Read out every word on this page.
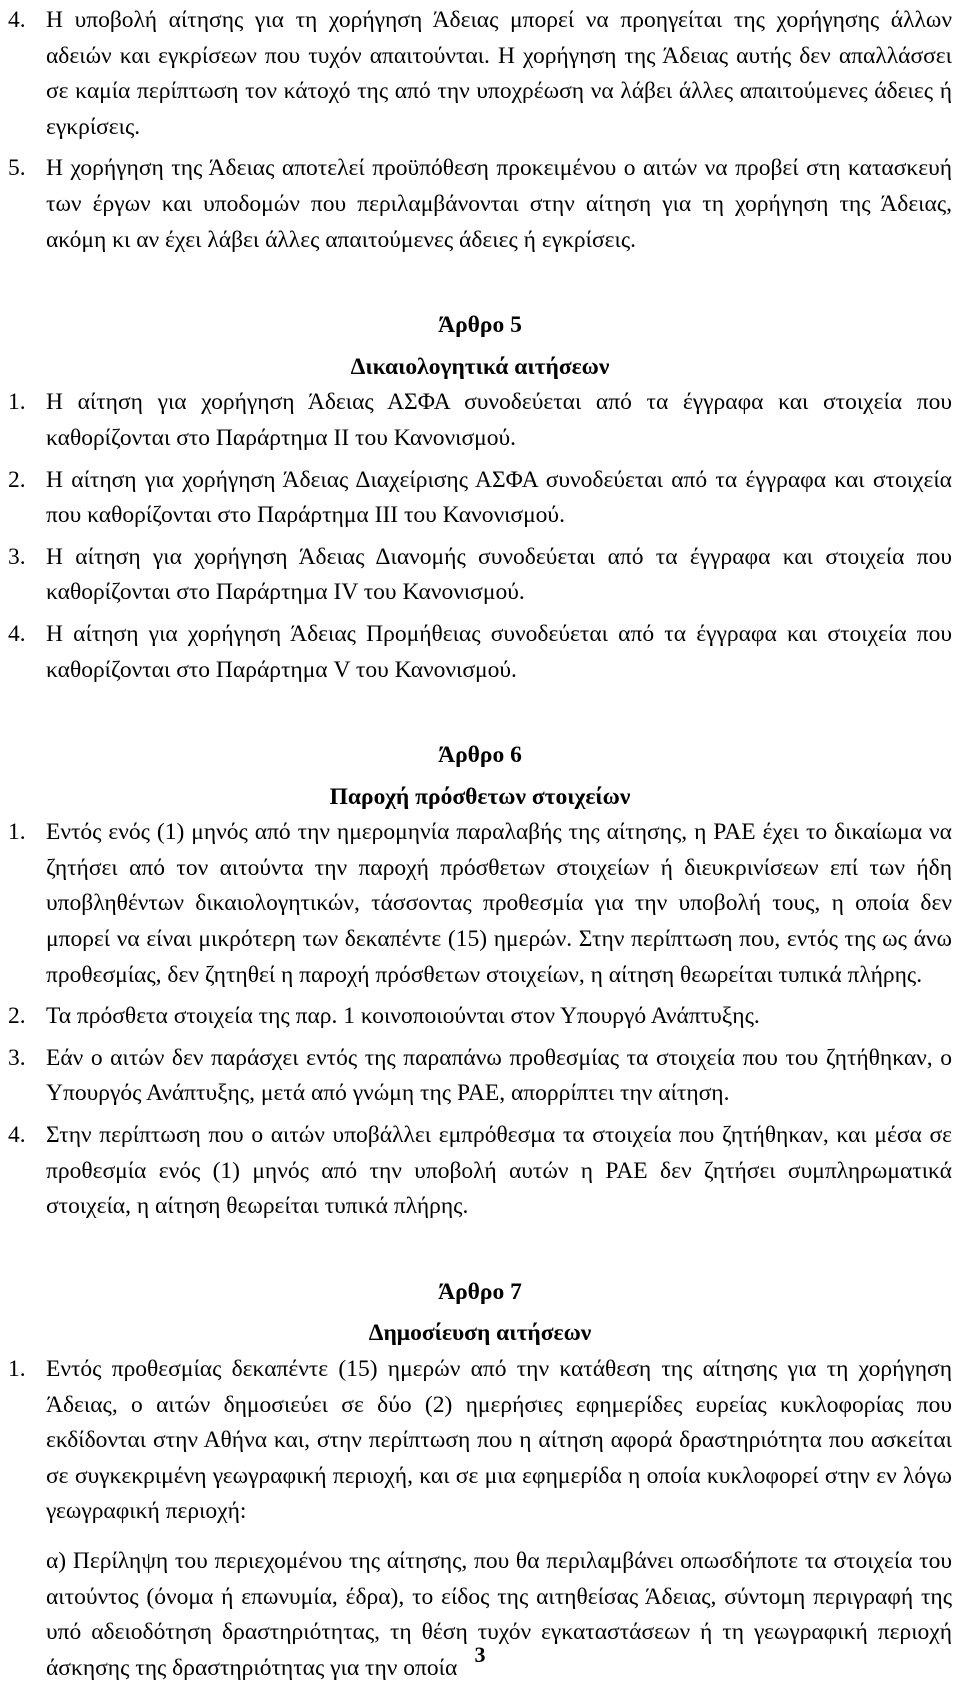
4. Η υποβολή αίτησης για τη χορήγηση Άδειας μπορεί να προηγείται της χορήγησης άλλων αδειών και εγκρίσεων που τυχόν απαιτούνται. Η χορήγηση της Άδειας αυτής δεν απαλλάσσει σε καμία περίπτωση τον κάτοχό της από την υποχρέωση να λάβει άλλες απαιτούμενες άδειες ή εγκρίσεις.

5. Η χορήγηση της Άδειας αποτελεί προϋπόθεση προκειμένου ο αιτών να προβεί στη κατασκευή των έργων και υποδομών που περιλαμβάνονται στην αίτηση για τη χορήγηση της Άδειας, ακόμη κι αν έχει λάβει άλλες απαιτούμενες άδειες ή εγκρίσεις.

Άρθρο 5
Δικαιολογητικά αιτήσεων

1. Η αίτηση για χορήγηση Άδειας ΑΣΦΑ συνοδεύεται από τα έγγραφα και στοιχεία που καθορίζονται στο Παράρτημα ΙΙ του Κανονισμού.

2. Η αίτηση για χορήγηση Άδειας Διαχείρισης ΑΣΦΑ συνοδεύεται από τα έγγραφα και στοιχεία που καθορίζονται στο Παράρτημα ΙΙΙ του Κανονισμού.

3. Η αίτηση για χορήγηση Άδειας Διανομής συνοδεύεται από τα έγγραφα και στοιχεία που καθορίζονται στο Παράρτημα ΙV του Κανονισμού.

4. Η αίτηση για χορήγηση Άδειας Προμήθειας συνοδεύεται από τα έγγραφα και στοιχεία που καθορίζονται στο Παράρτημα V του Κανονισμού.

Άρθρο 6
Παροχή πρόσθετων στοιχείων

1. Εντός ενός (1) μηνός από την ημερομηνία παραλαβής της αίτησης, η ΡΑΕ έχει το δικαίωμα να ζητήσει από τον αιτούντα την παροχή πρόσθετων στοιχείων ή διευκρινίσεων επί των ήδη υποβληθέντων δικαιολογητικών, τάσσοντας προθεσμία για την υποβολή τους, η οποία δεν μπορεί να είναι μικρότερη των δεκαπέντε (15) ημερών. Στην περίπτωση που, εντός της ως άνω προθεσμίας, δεν ζητηθεί η παροχή πρόσθετων στοιχείων, η αίτηση θεωρείται τυπικά πλήρης.

2. Τα πρόσθετα στοιχεία της παρ. 1 κοινοποιούνται στον Υπουργό Ανάπτυξης.

3. Εάν ο αιτών δεν παράσχει εντός της παραπάνω προθεσμίας τα στοιχεία που του ζητήθηκαν, ο Υπουργός Ανάπτυξης, μετά από γνώμη της ΡΑΕ, απορρίπτει την αίτηση.

4. Στην περίπτωση που ο αιτών υποβάλλει εμπρόθεσμα τα στοιχεία που ζητήθηκαν, και μέσα σε προθεσμία ενός (1) μηνός από την υποβολή αυτών η ΡΑΕ δεν ζητήσει συμπληρωματικά στοιχεία, η αίτηση θεωρείται τυπικά πλήρης.

Άρθρο 7
Δημοσίευση αιτήσεων

1. Εντός προθεσμίας δεκαπέντε (15) ημερών από την κατάθεση της αίτησης για τη χορήγηση Άδειας, ο αιτών δημοσιεύει σε δύο (2) ημερήσιες εφημερίδες ευρείας κυκλοφορίας που εκδίδονται στην Αθήνα και, στην περίπτωση που η αίτηση αφορά δραστηριότητα που ασκείται σε συγκεκριμένη γεωγραφική περιοχή, και σε μια εφημερίδα η οποία κυκλοφορεί στην εν λόγω γεωγραφική περιοχή:

α) Περίληψη του περιεχομένου της αίτησης, που θα περιλαμβάνει οπωσδήποτε τα στοιχεία του αιτούντος (όνομα ή επωνυμία, έδρα), το είδος της αιτηθείσας Άδειας, σύντομη περιγραφή της υπό αδειοδότηση δραστηριότητας, τη θέση τυχόν εγκαταστάσεων ή τη γεωγραφική περιοχή άσκησης της δραστηριότητας για την οποία

3
